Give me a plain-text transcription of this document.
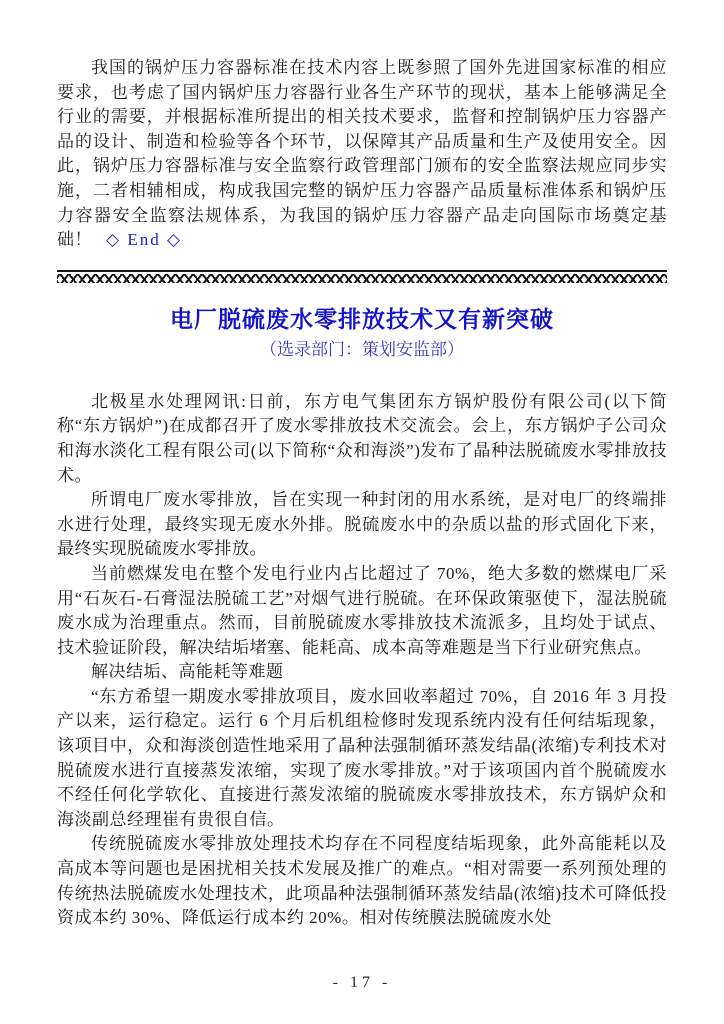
我国的锅炉压力容器标准在技术内容上既参照了国外先进国家标准的相应要求，也考虑了国内锅炉压力容器行业各生产环节的现状，基本上能够满足全行业的需要，并根据标准所提出的相关技术要求，监督和控制锅炉压力容器产品的设计、制造和检验等各个环节，以保障其产品质量和生产及使用安全。因此，锅炉压力容器标准与安全监察行政管理部门颁布的安全监察法规应同步实施，二者相辅相成，构成我国完整的锅炉压力容器产品质量标准体系和锅炉压力容器安全监察法规体系，为我国的锅炉压力容器产品走向国际市场奠定基础！ ◇ End ◇

电厂脱硫废水零排放技术又有新突破
（选录部门：策划安监部）

北极星水处理网讯:日前，东方电气集团东方锅炉股份有限公司(以下简称“东方锅炉”)在成都召开了废水零排放技术交流会。会上，东方锅炉子公司众和海水淡化工程有限公司(以下简称“众和海淡”)发布了晶种法脱硫废水零排放技术。

所谓电厂废水零排放，旨在实现一种封闭的用水系统，是对电厂的终端排水进行处理，最终实现无废水外排。脱硫废水中的杂质以盐的形式固化下来，最终实现脱硫废水零排放。

当前燃煤发电在整个发电行业内占比超过了 70%，绝大多数的燃煤电厂采用“石灰石-石膏湿法脱硫工艺”对烟气进行脱硫。在环保政策驱使下，湿法脱硫废水成为治理重点。然而，目前脱硫废水零排放技术流派多，且均处于试点、技术验证阶段，解决结垢堵塞、能耗高、成本高等难题是当下行业研究焦点。

解决结垢、高能耗等难题

“东方希望一期废水零排放项目，废水回收率超过 70%，自 2016 年 3 月投产以来，运行稳定。运行 6 个月后机组检修时发现系统内没有任何结垢现象，该项目中，众和海淡创造性地采用了晶种法强制循环蒸发结晶(浓缩)专利技术对脱硫废水进行直接蒸发浓缩，实现了废水零排放。”对于该项国内首个脱硫废水不经任何化学软化、直接进行蒸发浓缩的脱硫废水零排放技术，东方锅炉众和海淡副总经理崔有贵很自信。

传统脱硫废水零排放处理技术均存在不同程度结垢现象，此外高能耗以及高成本等问题也是困扰相关技术发展及推广的难点。“相对需要一系列预处理的传统热法脱硫废水处理技术，此项晶种法强制循环蒸发结晶(浓缩)技术可降低投资成本约 30%、降低运行成本约 20%。相对传统膜法脱硫废水处

- 17 -
